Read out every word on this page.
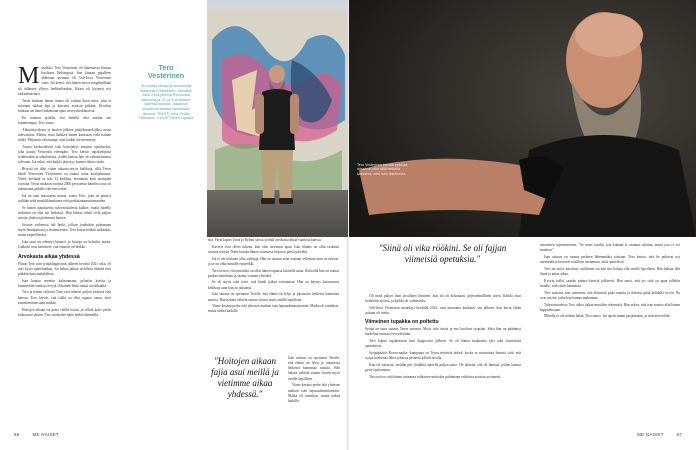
Muusikko Tero Vesterinen oli hakemassa kitaraa huoltoon Helsingistä, kun kitaran pujalleen ahkeraan asetanut oli Veli-Jussi Vesterinen soitti. Isä kertoi, että hänen tervoysongelmillaan oli tällainen yllytys lenkkeilemään. Kitara oli löytynyt nyt tarkistettavaksi.

Teron mukaan hänen isänsä oli vanhan liiton mies, joka ei nostanut tukkaa läpi ja kärsinyt asioista pitkään. Kivulias kohtaus sai hänet hakemaan apua terveyskeskuksesta.

En osannut ajatella, että hänellä olisi mitään sen kummempaa, Tero sanoo.

Alkujärkytyksen ja huolen jälkeen päätöksentekijäksi nousi tulevaisuus. Mietin, mitä kaikkea hänen kanssaan vielä haluan tehdä. Paljastuu valoisampi, ettei kaikki ole menetetty.

Tuosta keskustelusta isän hoitojakso muuttui ajatukseksi, joka kantoi Vesterisiä eteenpäin. Tero kertoo rapakympistä tyttärestään ja sukulaisista, joiden kanssa hän on valmistautunut tulevaan. Isä uskoi, että kaikki järjestyy kunnes aikaa riittää.

Rivissä on ollut viime aikoina myös keikkoja, sillä Teron bändi Vesterinen Yhtyeineen on saanut uutta kuulijakuntaa. Viime keväänä se teki 33 keikkaa, enemmän kuin aiempina vuosina. Teron mukaan vuonna 2006 perustetun bändin soitto on rakentunut pitkälti isän neuvoihin.

Isä on aina innostanut minua, sanoo Tero, joka on perinyt isältään sekä musiikkimakunsa että periksiantamattomuuden.

Se hänen ajatuksensa tulevaisuudesta kulkee, mutta hänelle tärkeintä on elää nyt hetkessä. Hän haluaa tehdä vielä paljon asioita yhdessä perheensä kanssa.

Jossain vaiheessa tuli hetki, jolloin jouduttiin puhumaan myös hautajaisista ja testamentista. Tero kuvaa hetkeä raskaaksi, mutta tarpeelliseksi.

Isän tauti on edennyt hitaasti, ja hoitoja on kokeiltu useita. Lääkärit ovat kertoneet, että ennuste on heikko.

Arvokasta aikaa yhdessä

Platon Tero isän syöpädiagnoosin jälkeen kevättä 2021 sekä, eli arki kysyi ajatteluaikaa. Isä halusi jatkaa tavallista elämää niin pitkään kuin mahdollista.

Isän kanssa mentiin kalastamaan, pelattiin korttia ja kuunneltiin vanhoja levyjä. Jokainen hetki tuntui arvokkaalta.

Tero ja hänen veljensä Toni ovat tehneet paljon yhdessä isän kanssa. Tero kertoo, että isällä on ollut tapana sanoa, ettei murehtiminen auta mitään.

Hoitojen aikaan isä pääsi välillä kotiin, ja silloin koko perhe kokoontui yhteen. Tero muistelee näitä hetkiä lämmöllä.

Tero
Vesterinen
45-vuotias laulaja ja lauluntekijä Vesterinen Yhtyeineen -bändistä. Asuu Kerä-järvellä Porvoossa vaimonsa ja 13- ja 9-vuotiaiden lastensa kanssa. Julkaissut yhtyeensä kanssa kahdeksan albumia. TEKSTI Juha-Pekka Tiiliikainen, KUVAT Tommi Hyökkä
"Hoitojen aikaan fajia asui meillä ja vietimme aikaa yhdessä."

sitä. Parin lapset Unna ja Rybnit saivat viettää arvokasta aikaa vaarinsa kanssa.

Kaverit ovat olleet tukena, kun olen tarvinnut apua. Isän tilanne on ollut raskasta seurata sivusta. Näen kuinka hänen voimansa hiipuvat päivä päivältä.

Isä ei ole koskaan ollut valittaja. Hän on ottanut asiat vastaan sellaisina kuin ne tulevat, ja se on ollut minulle esimerkki.

Tero kertoo, että musiikki on ollut hänen tapansa käsitellä asiaa. Keikoilla hän on saanut purkaa tunteitaan ja saanut voimaa yleisöltä.

Se oli myös isän toive, että bändi jatkaa soittamista. Hän on käynyt katsomassa keikkoja aina kun on jaksanut.

Isän sairaus on opettanut Terolle, että elämä on lyhyt ja jokaisesta hetkestä kannattaa nauttia. Hän haluaa välittää saman viestin myös omille lapsilleen.

Viime kesänä perhe teki yhteisen matkan isän lapsuudenmaisemiin. Matka oli tunteikas, mutta tärkeä kaikille.

Isän sairaus on opettanut Terolle, että elämä on lyhyt ja jokaisesta hetkestä kannattaa nauttia. Hän haluaa välittää saman viestin myös omille lapsilleen.

Viime kesänä perhe teki yhteisen matkan isän lapsuudenmaisemiin. Matka oli tunteikas, mutta tärkeä kaikille.

Tero Vesterinen kiertää paikkaa, missä on ollut tällä hetkellä kasvanut, ettei isän tilanteesta.
"Siinä oli vika röökini. Se oli fajjan viimeisiä opetuksia."

Oli niinä paljon liian tavallinen ihminen, kun isä oli kokonaan, järjestelmällinen sitten. Kaikki asiat hoidettiin ajoissa, ja kaikki oli valmisteltu.

Veli-Jussi Vesterinen menehtyi keväällä 2023, vain muutama kuukausi sen jälkeen, kun kuvat tähän juttuun oli otettu.

Viimeinen tupakka on poltettu

Syöpä on tuttu sairaus Teron suvussa. Myös isän isoisä ja eno kuolivat syöpään. Siksi hän on päättänyt huolehtia omasta terveydestään.

Tero lopetti tupakoinnin isän diagnoosin jälkeen. Se oli hänen mukaansa yksi isän viimeisistä opetuksista.

Syöpäpäätös Roosa-nauha -kampanja on Teron mielestä tärkeä, koska se muistuttaa ihmisiä siitä, että syöpä koskettaa lähes jokaista perhettä jollain tavalla.

Kun isä sairastui, meidän piti yhtäkkiä opetella paljon uutta. Oli tärkeää, että oli ihmisiä, joiden kanssa pystyi puhumaan.

Tero toivoo, että hänen tarinansa rohkaisee muitakin puhumaan vaikeista asioista avoimesti.

sairauteen sopeutuminen. "Se meni tavalla, jota kukaan ei osannut odottaa, mutta jota ei voi muuttaa."

Isän sairaus on tuonut perheen lähemmäksi toisiaan. Tero kertoo, että he puhuvat nyt enemmän ja kertovat toisilleen useammin, mitä ajattelevat.

Tero on myös miettinyt, millainen isä hän itse haluaa olla omille lapsilleen. Hän haluaa olla läsnä ja antaa aikaa.

Kysyin isältä, saanko puhua hänestä julkisesti. Hän sanoi, että jos siitä on apua jollekin muulle, niin sitten kannattaa.

Tero muistaa isän sanoneen, että elämästä pitää nauttia ja ihmisiä pitää kohdella hyvin. Ne ovat asioita, jotka hän kantaa mukanaan.

Tulevaisuudessa Tero aikoo jatkaa musiikin tekemistä. Hän uskoo, että isän muisto elää hänen kappaleissaan.

Minulla ei ole mitään hätää, Tero sanoo. Isä opetti minut pärjäämään, ja niin aion tehdä.

66	ME NAISET	ME NAISET	67
